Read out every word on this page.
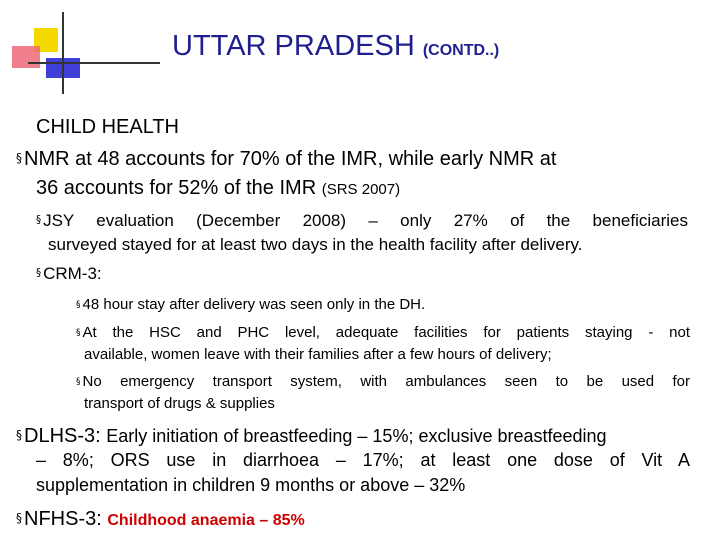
UTTAR PRADESH (CONTD..)
CHILD HEALTH
§ NMR at 48 accounts for 70% of the IMR, while early NMR at
36 accounts for 52% of the IMR (SRS 2007)
§ JSY evaluation (December 2008) – only 27% of the beneficiaries
surveyed stayed for at least two days in the health facility after delivery.
§ CRM-3:
§ 48 hour stay after delivery was seen only in the DH.
§ At the HSC and PHC level, adequate facilities for patients staying - not
available, women leave with their families after a few hours of delivery;
§ No emergency transport system, with ambulances seen to be used for
transport of drugs & supplies
§ DLHS-3: Early initiation of breastfeeding – 15%; exclusive breastfeeding
– 8%; ORS use in diarrhoea – 17%; at least one dose of Vit A
supplementation in children 9 months or above – 32%
§ NFHS-3: Childhood anaemia – 85%
